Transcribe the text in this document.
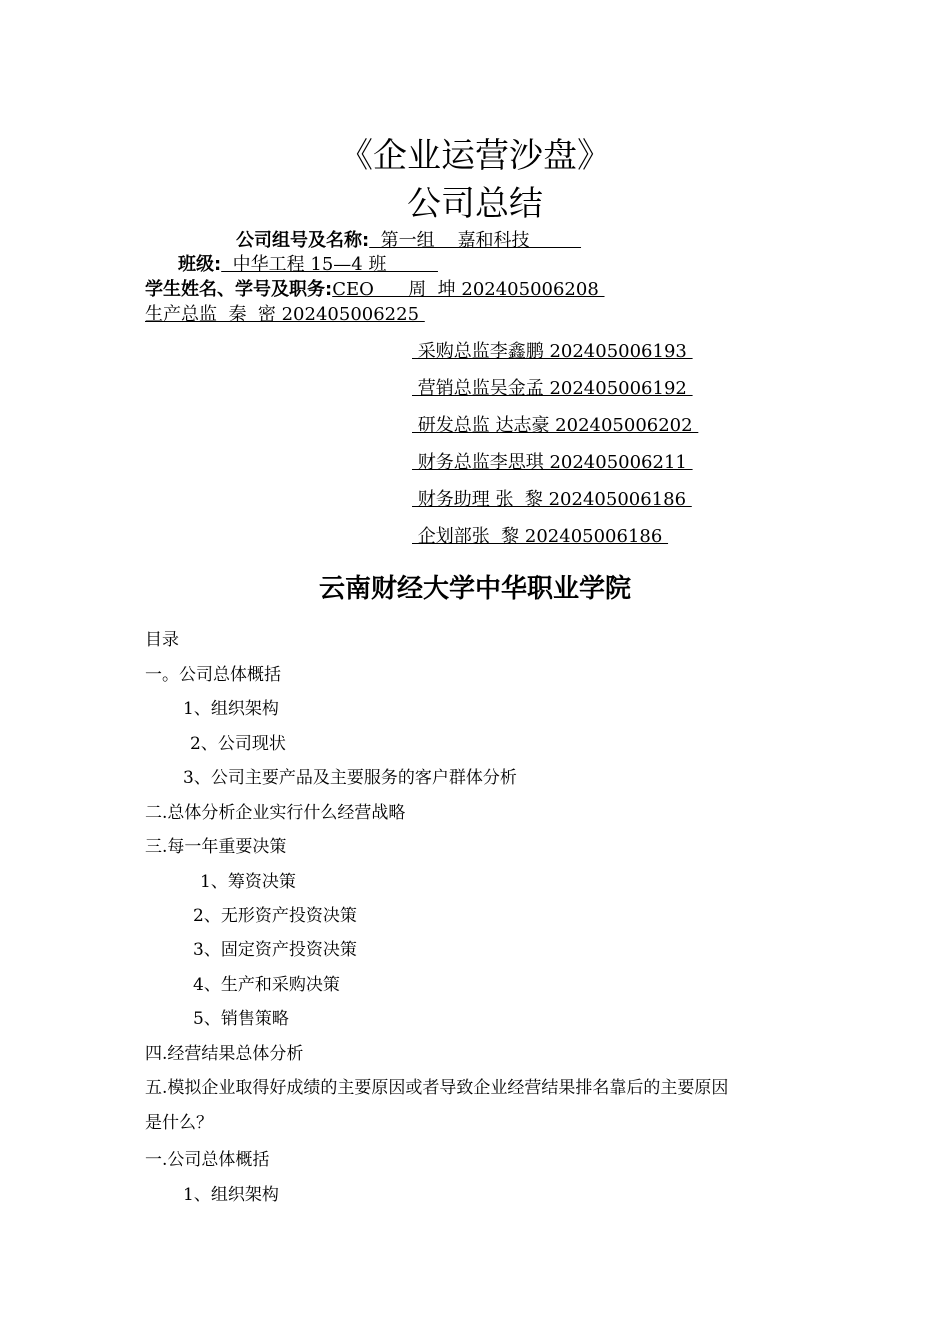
《企业运营沙盘》
公司总结
公司组号及名称:  第一组    嘉和科技
班级:  中华工程 15—4 班
学生姓名、学号及职务:CEO      周  坤 202405006208
生产总监  秦  密 202405006225
采购总监李鑫鹏 202405006193
营销总监吴金孟 202405006192
研发总监 达志豪 202405006202
财务总监李思琪 202405006211
财务助理 张  黎 202405006186
企划部张  黎 202405006186
云南财经大学中华职业学院
目录
一。公司总体概括
1、组织架构
2、公司现状
3、公司主要产品及主要服务的客户群体分析
二.总体分析企业实行什么经营战略
三.每一年重要决策
1、筹资决策
2、无形资产投资决策
3、固定资产投资决策
4、生产和采购决策
5、销售策略
四.经营结果总体分析
五.模拟企业取得好成绩的主要原因或者导致企业经营结果排名靠后的主要原因
是什么？
一.公司总体概括
1、组织架构
